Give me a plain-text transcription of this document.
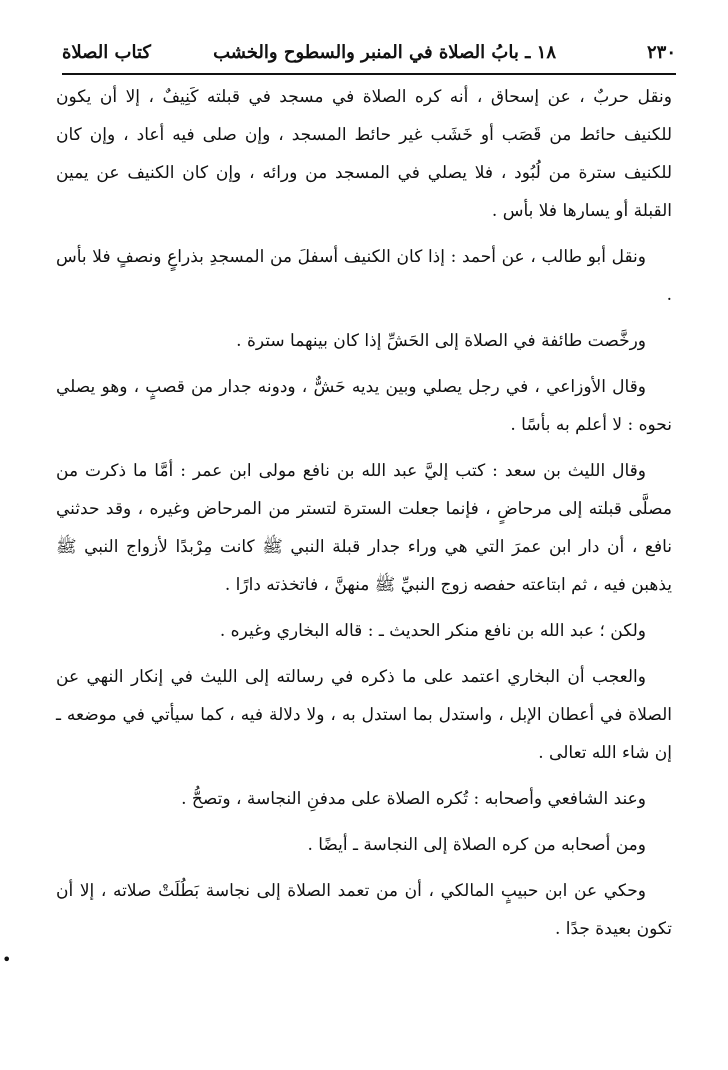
٢٣٠
١٨ ـ بابُ الصلاة في المنبر والسطوح والخشب
كتاب الصلاة

ونقل حربٌ ، عن إسحاق ، أنه كره الصلاة في مسجد في قبلته كَنِيفٌ ، إلا أن يكون للكنيف حائط من قَصَب أو خَشَب غير حائط المسجد ، وإن صلى فيه أعاد ، وإن كان للكنيف سترة من لُبُود ، فلا يصلي في المسجد من ورائه ، وإن كان الكنيف عن يمين القبلة أو يسارها فلا بأس .

ونقل أبو طالب ، عن أحمد : إذا كان الكنيف أسفلَ من المسجدِ بذراعٍ ونصفٍ فلا بأس .

ورخَّصت طائفة في الصلاة إلى الحَشِّ إذا كان بينهما سترة .

وقال الأوزاعي ، في رجل يصلي وبين يديه حَشٌّ ، ودونه جدار من قصبٍ ، وهو يصلي نحوه : لا أعلم به بأسًا .

وقال الليث بن سعد : كتب إليَّ عبد الله بن نافع مولى ابن عمر : أمَّا ما ذكرت من مصلَّى قبلته إلى مرحاضٍ ، فإنما جعلت السترة لتستر من المرحاض وغيره ، وقد حدثني نافع ، أن دار ابن عمرَ التي هي وراء جدار قبلة النبي ﷺ كانت مِرْبدًا لأزواج النبي ﷺ يذهبن فيه ، ثم ابتاعته حفصه زوج النبيِّ ﷺ منهنَّ ، فاتخذته دارًا .

ولكن ؛ عبد الله بن نافع منكر الحديث ـ : قاله البخاري وغيره .

والعجب أن البخاري اعتمد على ما ذكره في رسالته إلى الليث في إنكار النهي عن الصلاة في أعطان الإبل ، واستدل بما استدل به ، ولا دلالة فيه ، كما سيأتي في موضعه ـ إن شاء الله تعالى .

وعند الشافعي وأصحابه : تُكره الصلاة على مدفنِ النجاسة ، وتصحُّ .

ومن أصحابه من كره الصلاة إلى النجاسة ـ أيضًا .

وحكي عن ابن حبيبٍ المالكي ، أن من تعمد الصلاة إلى نجاسة بَطُلَتْ صلاته ، إلا أن تكون بعيدة جدًا .

•
